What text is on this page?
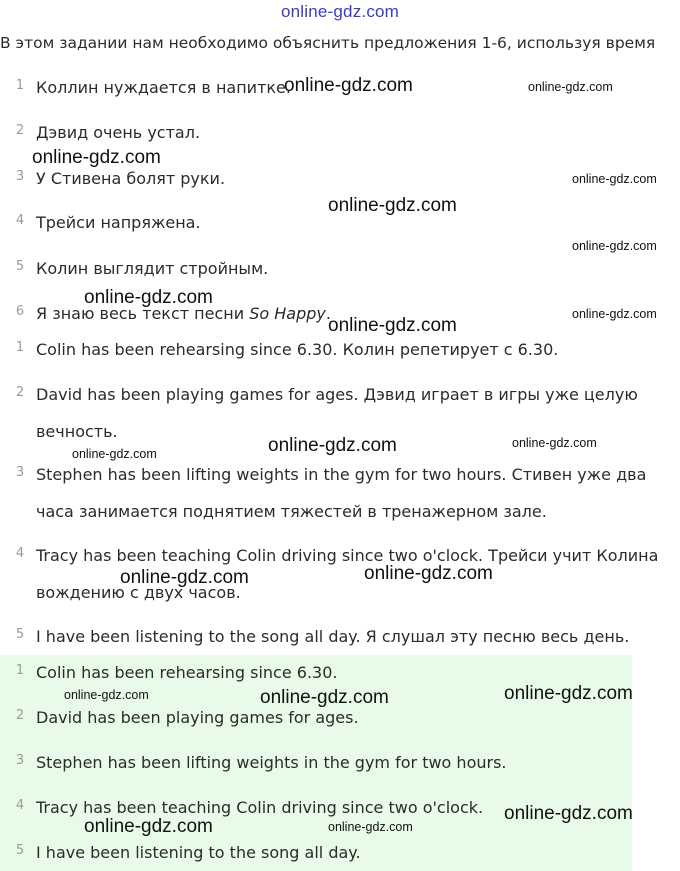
online-gdz.com
В этом задании нам необходимо объяснить предложения 1-6, используя время
1 Коллин нуждается в напитке.
2 Дэвид очень устал.
3 У Стивена болят руки.
4 Трейси напряжена.
5 Колин выглядит стройным.
6 Я знаю весь текст песни So Happy.
1 Colin has been rehearsing since 6.30. Колин репетирует с 6.30.
2 David has been playing games for ages. Дэвид играет в игры уже целую
вечность.
3 Stephen has been lifting weights in the gym for two hours. Стивен уже два
часа занимается поднятием тяжестей в тренажерном зале.
4 Tracy has been teaching Colin driving since two o'clock. Трейси учит Колина
вождению с двух часов.
5 I have been listening to the song all day. Я слушал эту песню весь день.
1 Colin has been rehearsing since 6.30.
2 David has been playing games for ages.
3 Stephen has been lifting weights in the gym for two hours.
4 Tracy has been teaching Colin driving since two o'clock.
5 I have been listening to the song all day.
online-gdz.com	online-gdz.com
online-gdz.com
online-gdz.com
online-gdz.com
online-gdz.com
online-gdz.com
online-gdz.com
online-gdz.com
online-gdz.com	online-gdz.com
online-gdz.com
online-gdz.com	online-gdz.com
online-gdz.com	online-gdz.com	online-gdz.com
online-gdz.com
online-gdz.com	online-gdz.com
